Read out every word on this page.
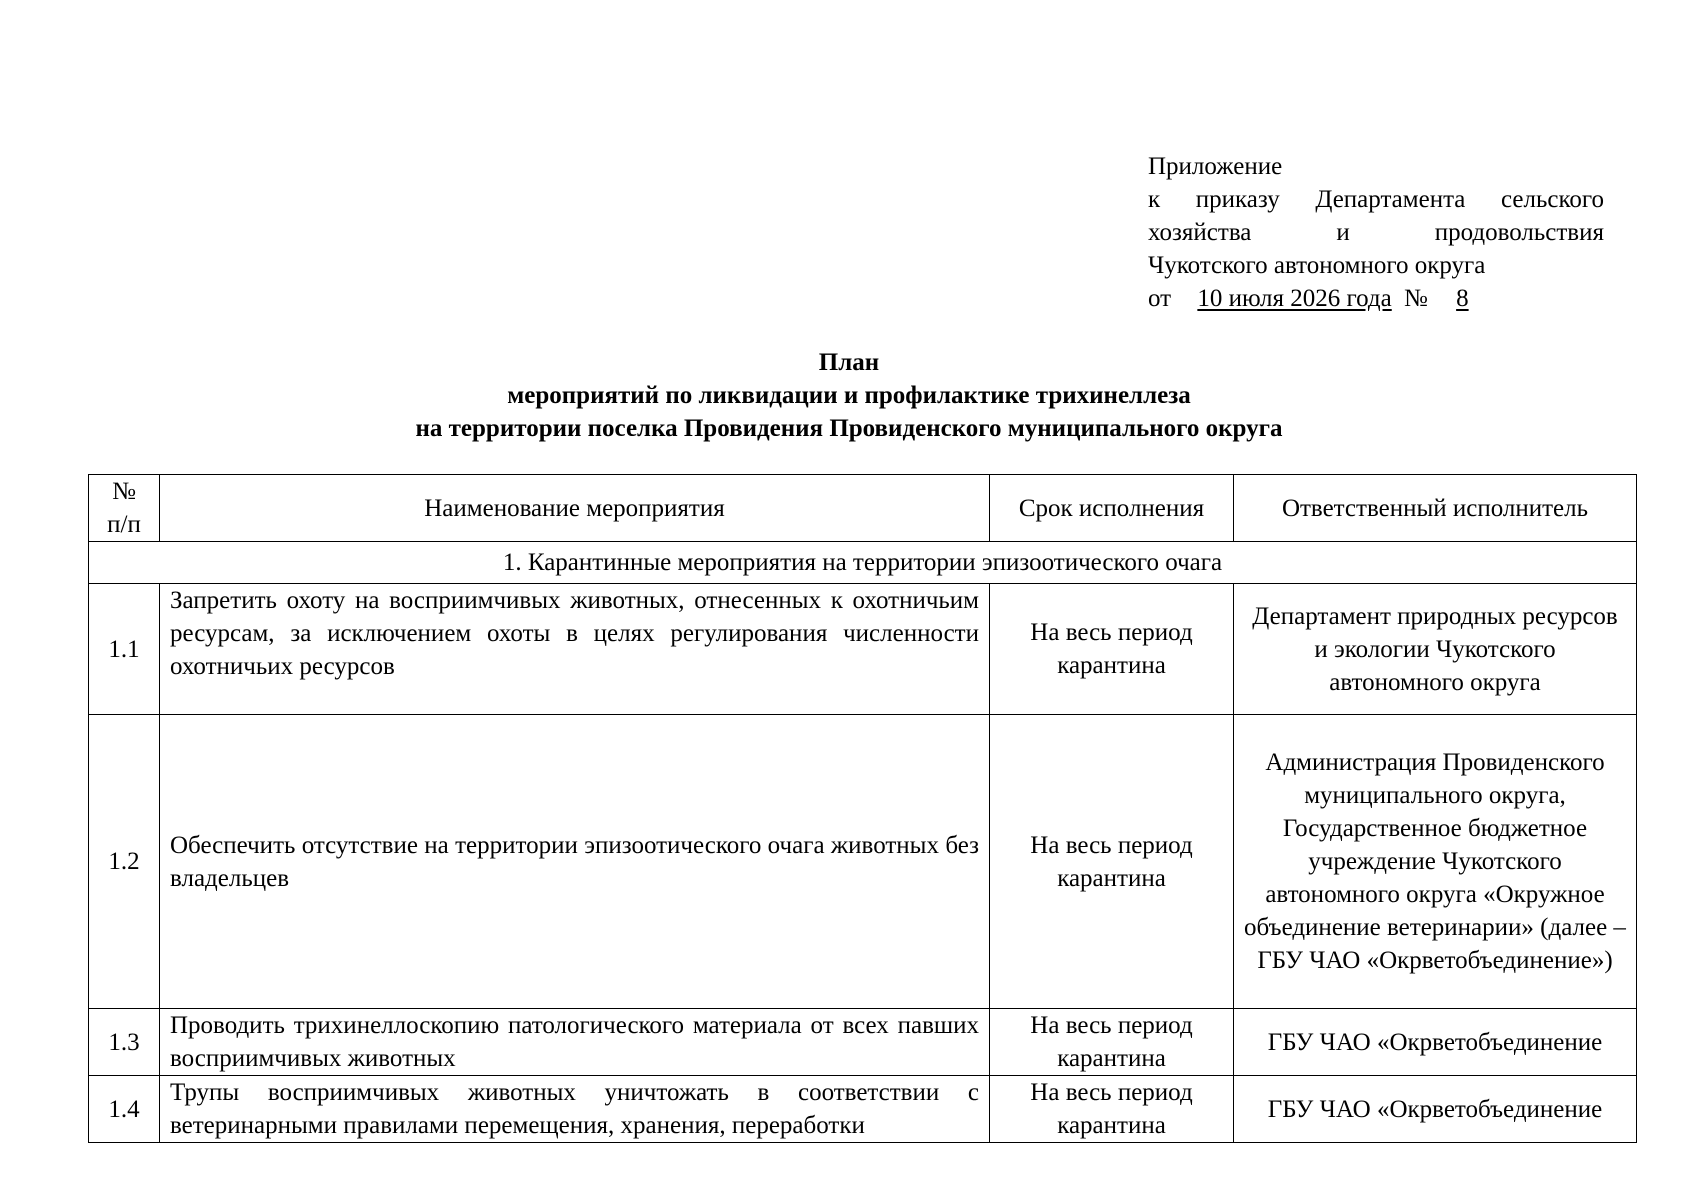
Приложение
к приказу Департамента сельского хозяйства и продовольствия
Чукотского автономного округа
от 10 июля 2026 года № 8
План
мероприятий по ликвидации и профилактике трихинеллеза
на территории поселка Провидения Провиденского муниципального округа
№
п/п	Наименование мероприятия	Срок исполнения	Ответственный исполнитель
1. Карантинные мероприятия на территории эпизоотического очага			
1.1	Запретить охоту на восприимчивых животных, отнесенных к охотничьим ресурсам, за исключением охоты в целях регулирования численности охотничьих ресурсов	На весь период карантина	Департамент природных ресурсов и экологии Чукотского автономного округа
1.2	Обеспечить отсутствие на территории эпизоотического очага животных без владельцев	На весь период карантина	Администрация Провиденского муниципального округа, Государственное бюджетное учреждение Чукотского автономного округа «Окружное объединение ветеринарии» (далее – ГБУ ЧАО «Окрветобъединение»)
1.3	Проводить трихинеллоскопию патологического материала от всех павших восприимчивых животных	На весь период карантина	ГБУ ЧАО «Окрветобъединение
1.4	Трупы восприимчивых животных уничтожать в соответствии с ветеринарными правилами перемещения, хранения, переработки	На весь период карантина	ГБУ ЧАО «Окрветобъединение
